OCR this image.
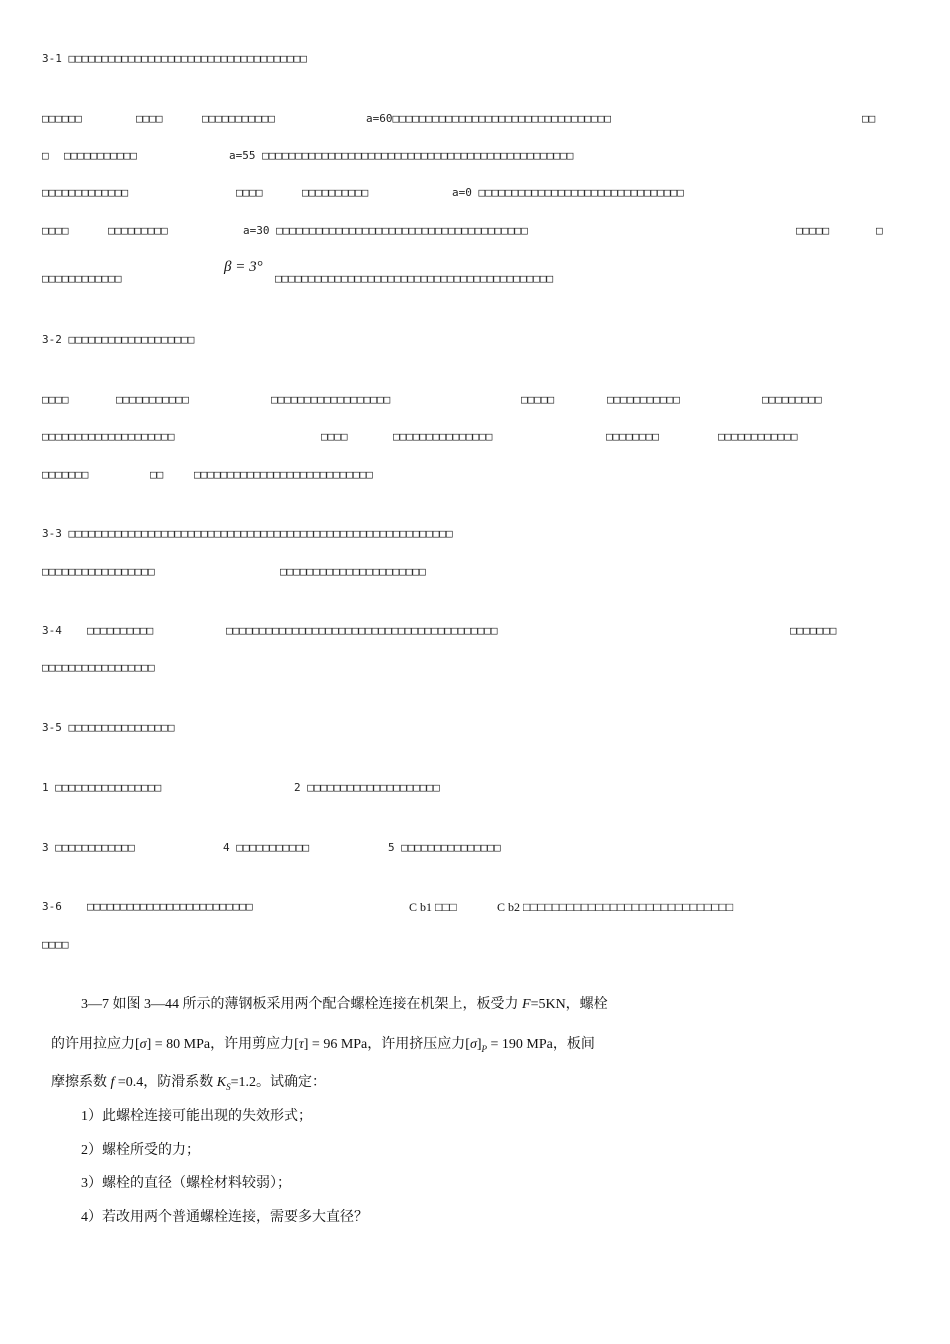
3-1 □□□□□□□□□□□□□□□□□□□□□□□□□□□□□□□□□□□□
□□□□□□	□□□□	□□□□□□□□□□□	a=60□□□□□□□□□□□□□□□□□□□□□□□□□□□□□□□□□	□□
□ □□□□□□□□□□□	a=55 □□□□□□□□□□□□□□□□□□□□□□□□□□□□□□□□□□□□□□□□□□□□□□□
□□□□□□□□□□□□□	□□□□	□□□□□□□□□□	a=0 □□□□□□□□□□□□□□□□□□□□□□□□□□□□□□□
□□□□	□□□□□□□□□	a=30 □□□□□□□□□□□□□□□□□□□□□□□□□□□□□□□□□□□□□□	□□□□□	□
□□□□□□□□□□□□
β = 3°
□□□□□□□□□□□□□□□□□□□□□□□□□□□□□□□□□□□□□□□□□□
3-2 □□□□□□□□□□□□□□□□□□□
□□□□	□□□□□□□□□□□	□□□□□□□□□□□□□□□□□□	□□□□□	□□□□□□□□□□□	□□□□□□□□□
□□□□□□□□□□□□□□□□□□□□	□□□□	□□□□□□□□□□□□□□□	□□□□□□□□	□□□□□□□□□□□□
□□□□□□□	□□	□□□□□□□□□□□□□□□□□□□□□□□□□□□
3-3 □□□□□□□□□□□□□□□□□□□□□□□□□□□□□□□□□□□□□□□□□□□□□□□□□□□□□□□□□□
□□□□□□□□□□□□□□□□□	□□□□□□□□□□□□□□□□□□□□□□
3-4 □□□□□□□□□□	□□□□□□□□□□□□□□□□□□□□□□□□□□□□□□□□□□□□□□□□□	□□□□□□□
□□□□□□□□□□□□□□□□□
3-5 □□□□□□□□□□□□□□□□
1 □□□□□□□□□□□□□□□□	2 □□□□□□□□□□□□□□□□□□□□
3 □□□□□□□□□□□□	4 □□□□□□□□□□□	5 □□□□□□□□□□□□□□□
3-6 □□□□□□□□□□□□□□□□□□□□□□□□□	C b1 □□□	C b2 □□□□□□□□□□□□□□□□□□□□□□□□□□□□□
□□□□
3—7 如图 3—44 所示的薄钢板采用两个配合螺栓连接在机架上，板受力 F=5KN，螺栓
的许用拉应力[σ] = 80 MPa，许用剪应力[τ] = 96 MPa，许用挤压应力$[\sigma]_P = 190$ MPa，板间
摩擦系数 f =0.4，防滑系数 $K_S=1.2$。试确定：
1）此螺栓连接可能出现的失效形式；
2）螺栓所受的力；
3）螺栓的直径（螺栓材料较弱）；
4）若改用两个普通螺栓连接，需要多大直径？
